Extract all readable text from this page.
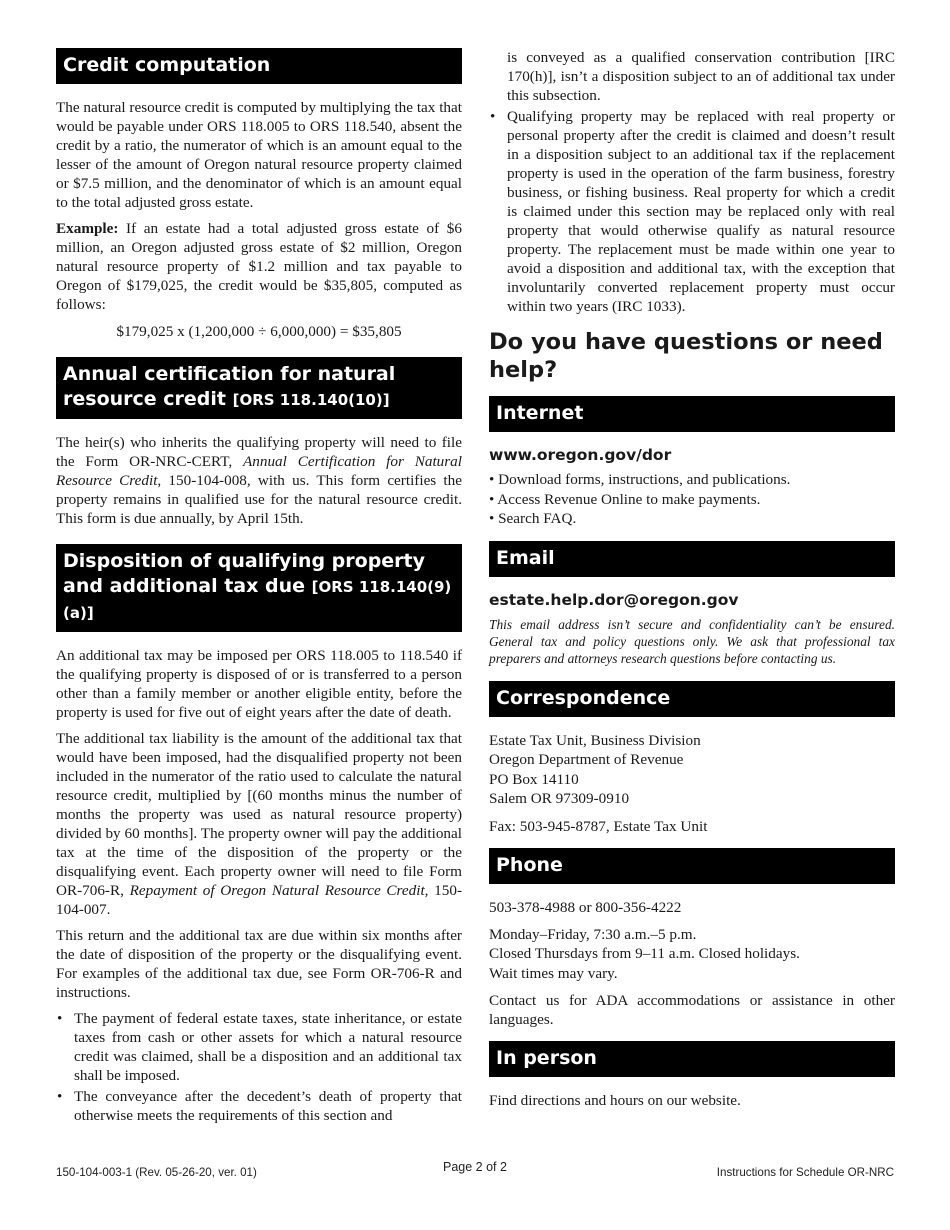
Credit computation

The natural resource credit is computed by multiplying the tax that would be payable under ORS 118.005 to ORS 118.540, absent the credit by a ratio, the numerator of which is an amount equal to the lesser of the amount of Oregon natural resource property claimed or $7.5 million, and the denominator of which is an amount equal to the total adjusted gross estate.

Example: If an estate had a total adjusted gross estate of $6 million, an Oregon adjusted gross estate of $2 million, Oregon natural resource property of $1.2 million and tax payable to Oregon of $179,025, the credit would be $35,805, computed as follows:

$179,025 x (1,200,000 ÷ 6,000,000) = $35,805

Annual certification for natural resource credit [ORS 118.140(10)]

The heir(s) who inherits the qualifying property will need to file the Form OR-NRC-CERT, Annual Certification for Natural Resource Credit, 150-104-008, with us. This form certifies the property remains in qualified use for the natural resource credit. This form is due annually, by April 15th.

Disposition of qualifying property and additional tax due [ORS 118.140(9)(a)]

An additional tax may be imposed per ORS 118.005 to 118.540 if the qualifying property is disposed of or is transferred to a person other than a family member or another eligible entity, before the property is used for five out of eight years after the date of death.

The additional tax liability is the amount of the additional tax that would have been imposed, had the disqualified property not been included in the numerator of the ratio used to calculate the natural resource credit, multiplied by [(60 months minus the number of months the property was used as natural resource property) divided by 60 months]. The property owner will pay the additional tax at the time of the disposition of the property or the disqualifying event. Each property owner will need to file Form OR-706-R, Repayment of Oregon Natural Resource Credit, 150-104-007.

This return and the additional tax are due within six months after the date of disposition of the property or the disqualifying event. For examples of the additional tax due, see Form OR-706-R and instructions.

• The payment of federal estate taxes, state inheritance, or estate taxes from cash or other assets for which a natural resource credit was claimed, shall be a disposition and an additional tax shall be imposed.
• The conveyance after the decedent’s death of property that otherwise meets the requirements of this section and
is conveyed as a qualified conservation contribution [IRC 170(h)], isn’t a disposition subject to an of additional tax under this subsection.
• Qualifying property may be replaced with real property or personal property after the credit is claimed and doesn’t result in a disposition subject to an additional tax if the replacement property is used in the operation of the farm business, forestry business, or fishing business. Real property for which a credit is claimed under this section may be replaced only with real property that would otherwise qualify as natural resource property. The replacement must be made within one year to avoid a disposition and additional tax, with the exception that involuntarily converted replacement property must occur within two years (IRC 1033).
Do you have questions or need help?
Internet
www.oregon.gov/dor
• Download forms, instructions, and publications.
• Access Revenue Online to make payments.
• Search FAQ.
Email
estate.help.dor@oregon.gov
This email address isn’t secure and confidentiality can’t be ensured. General tax and policy questions only. We ask that professional tax preparers and attorneys research questions before contacting us.
Correspondence
Estate Tax Unit, Business Division
Oregon Department of Revenue
PO Box 14110
Salem OR 97309-0910

Fax: 503-945-8787, Estate Tax Unit

Phone

503-378-4988 or 800-356-4222

Monday–Friday, 7:30 a.m.–5 p.m.
Closed Thursdays from 9–11 a.m. Closed holidays.
Wait times may vary.

Contact us for ADA accommodations or assistance in other languages.

In person

Find directions and hours on our website.

150-104-003-1 (Rev. 05-26-20, ver. 01)	Page 2 of 2	Instructions for Schedule OR-NRC
